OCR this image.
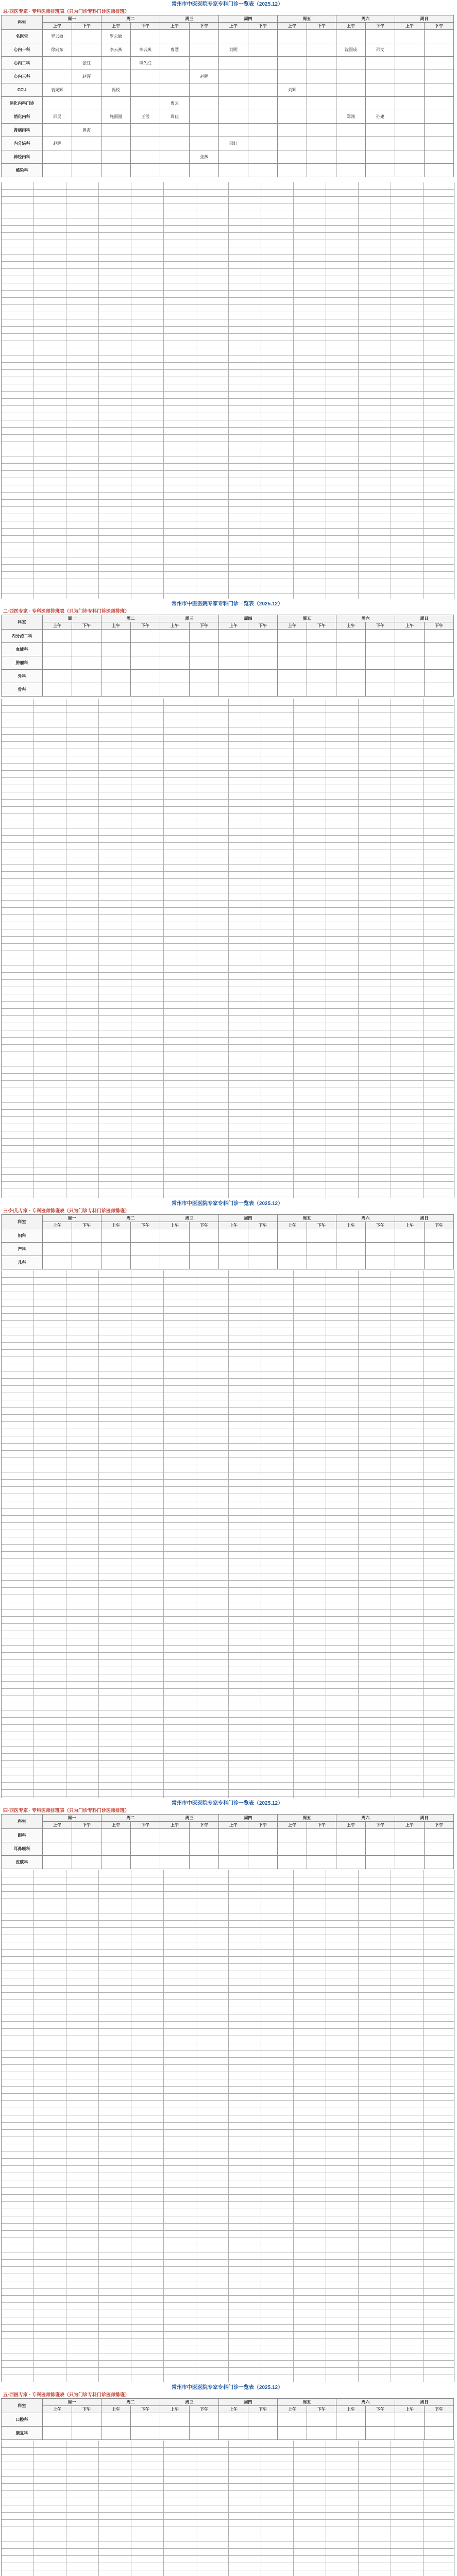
常州市中医医院专家专科门诊一览表（2025.12）
总·西医专家 · 专科医师排班表（只为门诊专科门诊医师排班）
科室	周一		周二		周三		周四		周五		周六		周日	
	上午	下午	上午	下午	上午	下午	上午	下午	上午	下午	上午	下午	上午	下午
名医堂	罗云敏		罗云敏											
心内一科	徐向东		李云燕	李云燕	曹慧		刘明				沈国成	邵文		
心内二科		张红		李久红										
心内三科		赵晖				赵晖								
CCU	袁光辉		冯悦						刘辉					
消化内科门诊					曹云									
消化内科	邵吴		施丽丽	王雪	周佳						郑刚	孙建		
肾病内科		黄海												
内分泌科	赵辉						邵红							
神经内科						张燕								
感染科														
常州市中医医院专家专科门诊一览表（2025.12）
二·西医专家 · 专科医师排班表（只为门诊专科门诊医师排班）
科室	周一		周二		周三		周四		周五		周六		周日	
	上午	下午	上午	下午	上午	下午	上午	下午	上午	下午	上午	下午	上午	下午
内分泌二科														
血液科														
肿瘤科														
外科														
骨科														
常州市中医医院专家专科门诊一览表（2025.12）
三·妇儿专家 · 专科医师排班表（只为门诊专科门诊医师排班）
科室	周一		周二		周三		周四		周五		周六		周日	
	上午	下午	上午	下午	上午	下午	上午	下午	上午	下午	上午	下午	上午	下午
妇科														
产科														
儿科														
常州市中医医院专家专科门诊一览表（2025.12）
四·西医专家 · 专科医师排班表（只为门诊专科门诊医师排班）
科室	周一		周二		周三		周四		周五		周六		周日	
	上午	下午	上午	下午	上午	下午	上午	下午	上午	下午	上午	下午	上午	下午
眼科														
耳鼻喉科														
皮肤科														
常州市中医医院专家专科门诊一览表（2025.12）
五·西医专家 · 专科医师排班表（只为门诊专科门诊医师排班）
科室	周一		周二		周三		周四		周五		周六		周日	
	上午	下午	上午	下午	上午	下午	上午	下午	上午	下午	上午	下午	上午	下午
口腔科														
康复科														
